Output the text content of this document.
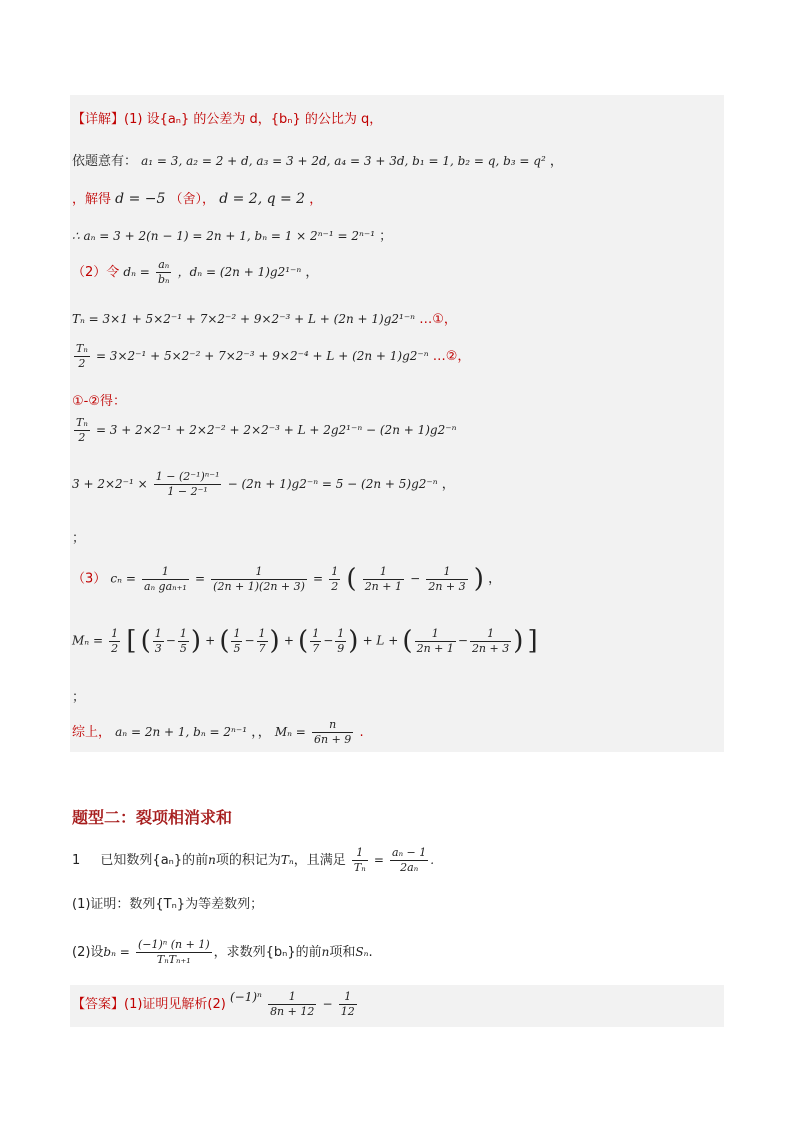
【详解】(1) 设{aₙ} 的公差为 d，{bₙ} 的公比为 q，
依题意有： a₁ = 3, a₂ = 2 + d, a₃ = 3 + 2d, a₄ = 3 + 3d, b₁ = 1, b₂ = q, b₃ = q² ，
，解得 d = −5 （舍）， d = 2, q = 2 ，
∴ aₙ = 3 + 2(n − 1) = 2n + 1, bₙ = 1 × 2ⁿ⁻¹ = 2ⁿ⁻¹ ；
（2）令 $d_n = \frac{\text{aₙ}}{\text{bₙ}}$ ，dₙ = (2n + 1)g2¹⁻ⁿ ，
Tₙ = 3×1 + 5×2⁻¹ + 7×2⁻² + 9×2⁻³ + L + (2n + 1)g2¹⁻ⁿ …①，
$\frac{\text{Tₙ}}{2} = 3\times 2^{-1} + 5\times 2^{-2} + 7\times 2^{-3} + 9\times 2^{-4} + L + (2n + 1)g2^{-n}$ …②，
①-②得：
$\frac{\text{Tₙ}}{2} = 3 + 2\times 2^{-1} + 2\times 2^{-2} + 2\times 2^{-3} + L + 2g2^{1-n} - (2n + 1)g2^{-n}$
$3 + 2\times 2^{-1} \times \frac{\text{1 − (2⁻¹)ⁿ⁻¹}}{\text{1 − 2⁻¹}} - (2n + 1)g2^{-n} = 5 - (2n + 5)g2^{-n}$ ，
；
（3） $c_n = \frac{1}{\text{aₙ gaₙ₊₁}} = \frac{1}{(2n + 1)(2n + 3)} = \frac{1}{2}$ ( $\frac{1}{2n + 1} - \frac{1}{2n + 3}$ ) ，
$M_n = \frac{1}{2}$ [ ( $\frac{1}{3} - \frac{1}{5}$ ) + ( $\frac{1}{5} - \frac{1}{7}$ ) + ( $\frac{1}{7} - \frac{1}{9}$ ) + L + ( $\frac{1}{2n + 1} - \frac{1}{2n + 3}$ ) ]
；
综上， aₙ = 2n + 1, bₙ = 2ⁿ⁻¹ ，， $M_n = \frac{n}{6n + 9}$ .
题型二：裂项相消求和
1 已知数列{aₙ}的前n项的积记为Tₙ，且满足 $\frac{1}{\text{Tₙ}} = \frac{\text{aₙ − 1}}{\text{2aₙ}}$ .
(1)证明：数列{Tₙ}为等差数列；
(2)设$b_n = \frac{\text{(−1)ⁿ (n + 1)}}{\text{TₙTₙ₊₁}}$ ，求数列{bₙ}的前n项和Sₙ.
【答案】(1)证明见解析(2) $(-1)^n \frac{1}{8n + 12} - \frac{1}{12}$
